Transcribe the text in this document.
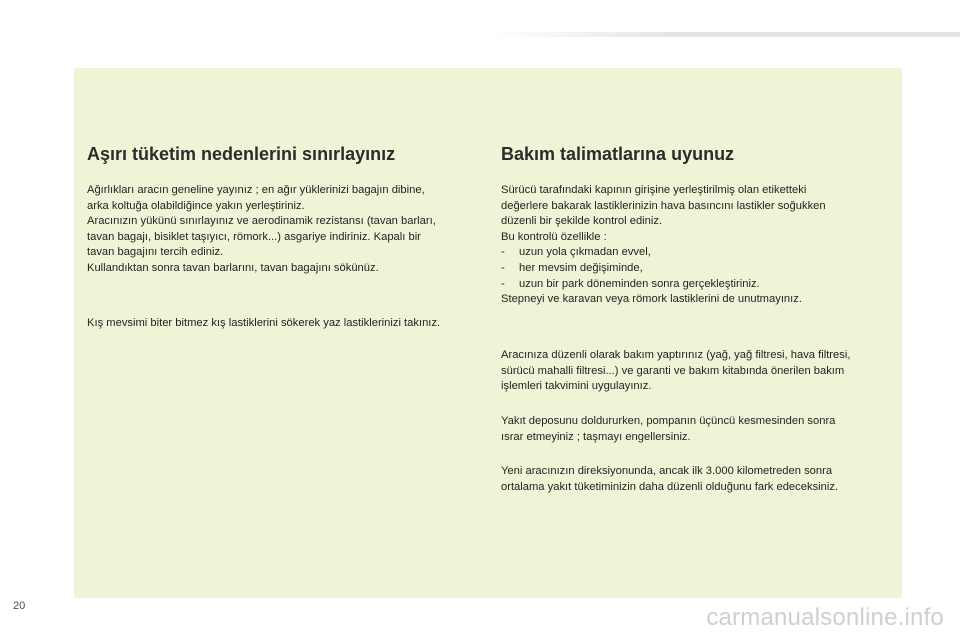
Aşırı tüketim nedenlerini sınırlayınız

Ağırlıkları aracın geneline yayınız ; en ağır yüklerinizi bagajın dibine,
arka koltuğa olabildiğince yakın yerleştiriniz.
Aracınızın yükünü sınırlayınız ve aerodinamik rezistansı (tavan barları,
tavan bagajı, bisiklet taşıyıcı, römork...) asgariye indiriniz. Kapalı bir
tavan bagajını tercih ediniz.
Kullandıktan sonra tavan barlarını, tavan bagajını sökünüz.

Kış mevsimi biter bitmez kış lastiklerini sökerek yaz lastiklerinizi takınız.

Bakım talimatlarına uyunuz

Sürücü tarafındaki kapının girişine yerleştirilmiş olan etiketteki
değerlere bakarak lastiklerinizin hava basıncını lastikler soğukken
düzenli bir şekilde kontrol ediniz.
Bu kontrolü özellikle :
- uzun yola çıkmadan evvel,
- her mevsim değişiminde,
- uzun bir park döneminden sonra gerçekleştiriniz.
Stepneyi ve karavan veya römork lastiklerini de unutmayınız.

Aracınıza düzenli olarak bakım yaptırınız (yağ, yağ filtresi, hava filtresi,
sürücü mahalli filtresi...) ve garanti ve bakım kitabında önerilen bakım
işlemleri takvimini uygulayınız.

Yakıt deposunu doldururken, pompanın üçüncü kesmesinden sonra
ısrar etmeyiniz ; taşmayı engellersiniz.

Yeni aracınızın direksiyonunda, ancak ilk 3.000 kilometreden sonra
ortalama yakıt tüketiminizin daha düzenli olduğunu fark edeceksiniz.

20	carmanualsonline.info
